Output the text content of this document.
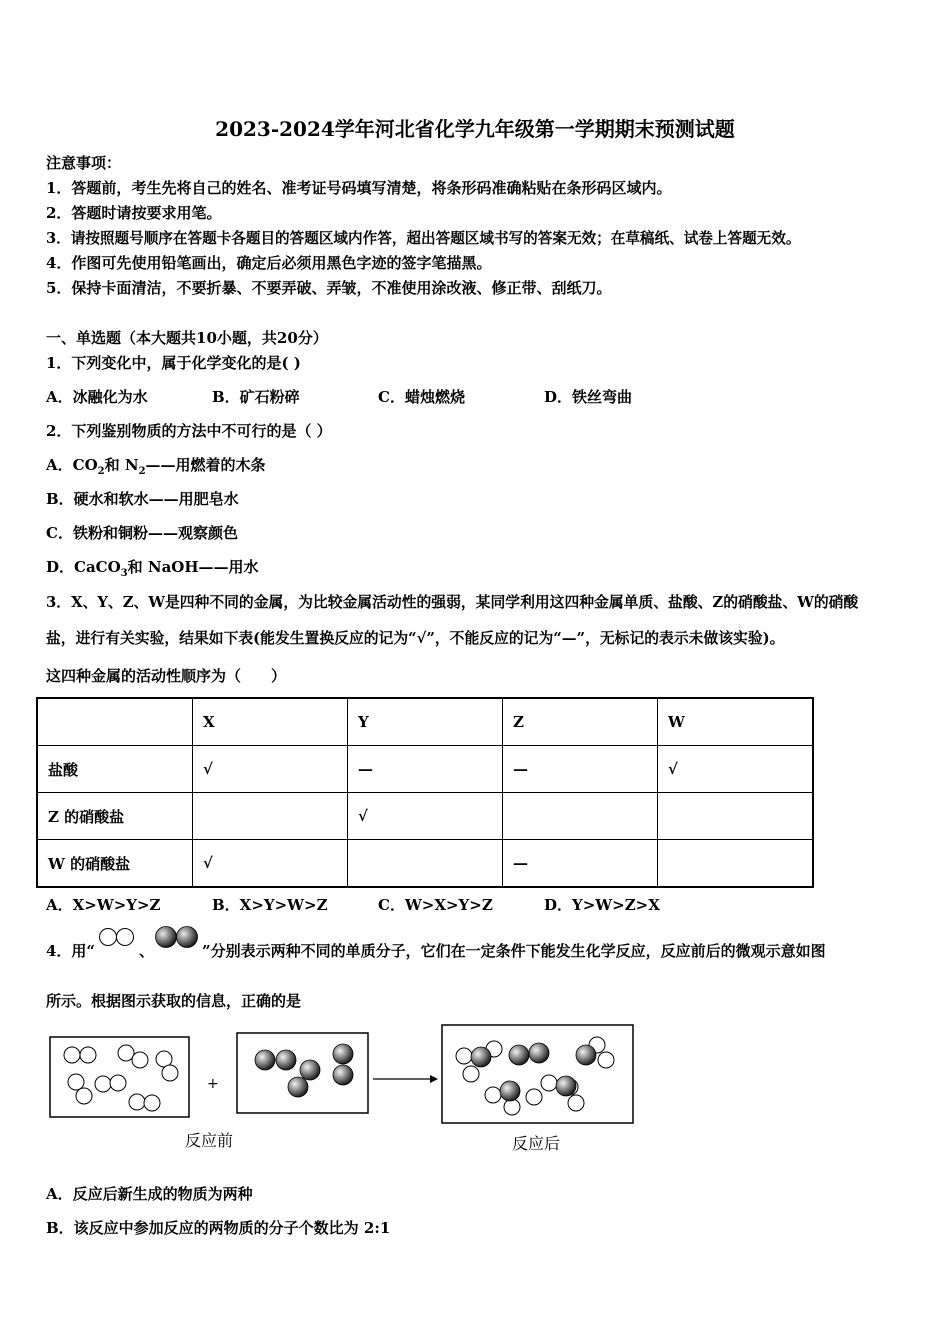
2023-2024学年河北省化学九年级第一学期期末预测试题
注意事项：
1．答题前，考生先将自己的姓名、准考证号码填写清楚，将条形码准确粘贴在条形码区域内。
2．答题时请按要求用笔。
3．请按照题号顺序在答题卡各题目的答题区域内作答，超出答题区域书写的答案无效；在草稿纸、试卷上答题无效。
4．作图可先使用铅笔画出，确定后必须用黑色字迹的签字笔描黑。
5．保持卡面清洁，不要折暴、不要弄破、弄皱，不准使用涂改液、修正带、刮纸刀。
一、单选题（本大题共10小题，共20分）
1．下列变化中，属于化学变化的是( )
A．冰融化为水	B．矿石粉碎	C．蜡烛燃烧	D．铁丝弯曲
2．下列鉴别物质的方法中不可行的是（ ）
A．$CO_2$和 $N_2——$用燃着的木条
B．硬水和软水——用肥皂水
C．铁粉和铜粉——观察颜色
D．CaCO$_3$和 NaOH——用水
3．X、Y、Z、W是四种不同的金属，为比较金属活动性的强弱，某同学利用这四种金属单质、盐酸、Z的硝酸盐、W的硝酸
盐，进行有关实验，结果如下表(能发生置换反应的记为“√”，不能反应的记为“—”，无标记的表示未做该实验)。
这四种金属的活动性顺序为（　　）
	X	Y	Z	W
盐酸	√	—	—	√
Z 的硝酸盐		√		
W 的硝酸盐	√		—	
A．X>W>Y>Z	B．X>Y>W>Z	C．W>X>Y>Z	D．Y>W>Z>X
4．用“	、	”分别表示两种不同的单质分子，它们在一定条件下能发生化学反应，反应前后的微观示意如图
所示。根据图示获取的信息，正确的是
+
反应前	反应后
A．反应后新生成的物质为两种
B．该反应中参加反应的两物质的分子个数比为 2:1
